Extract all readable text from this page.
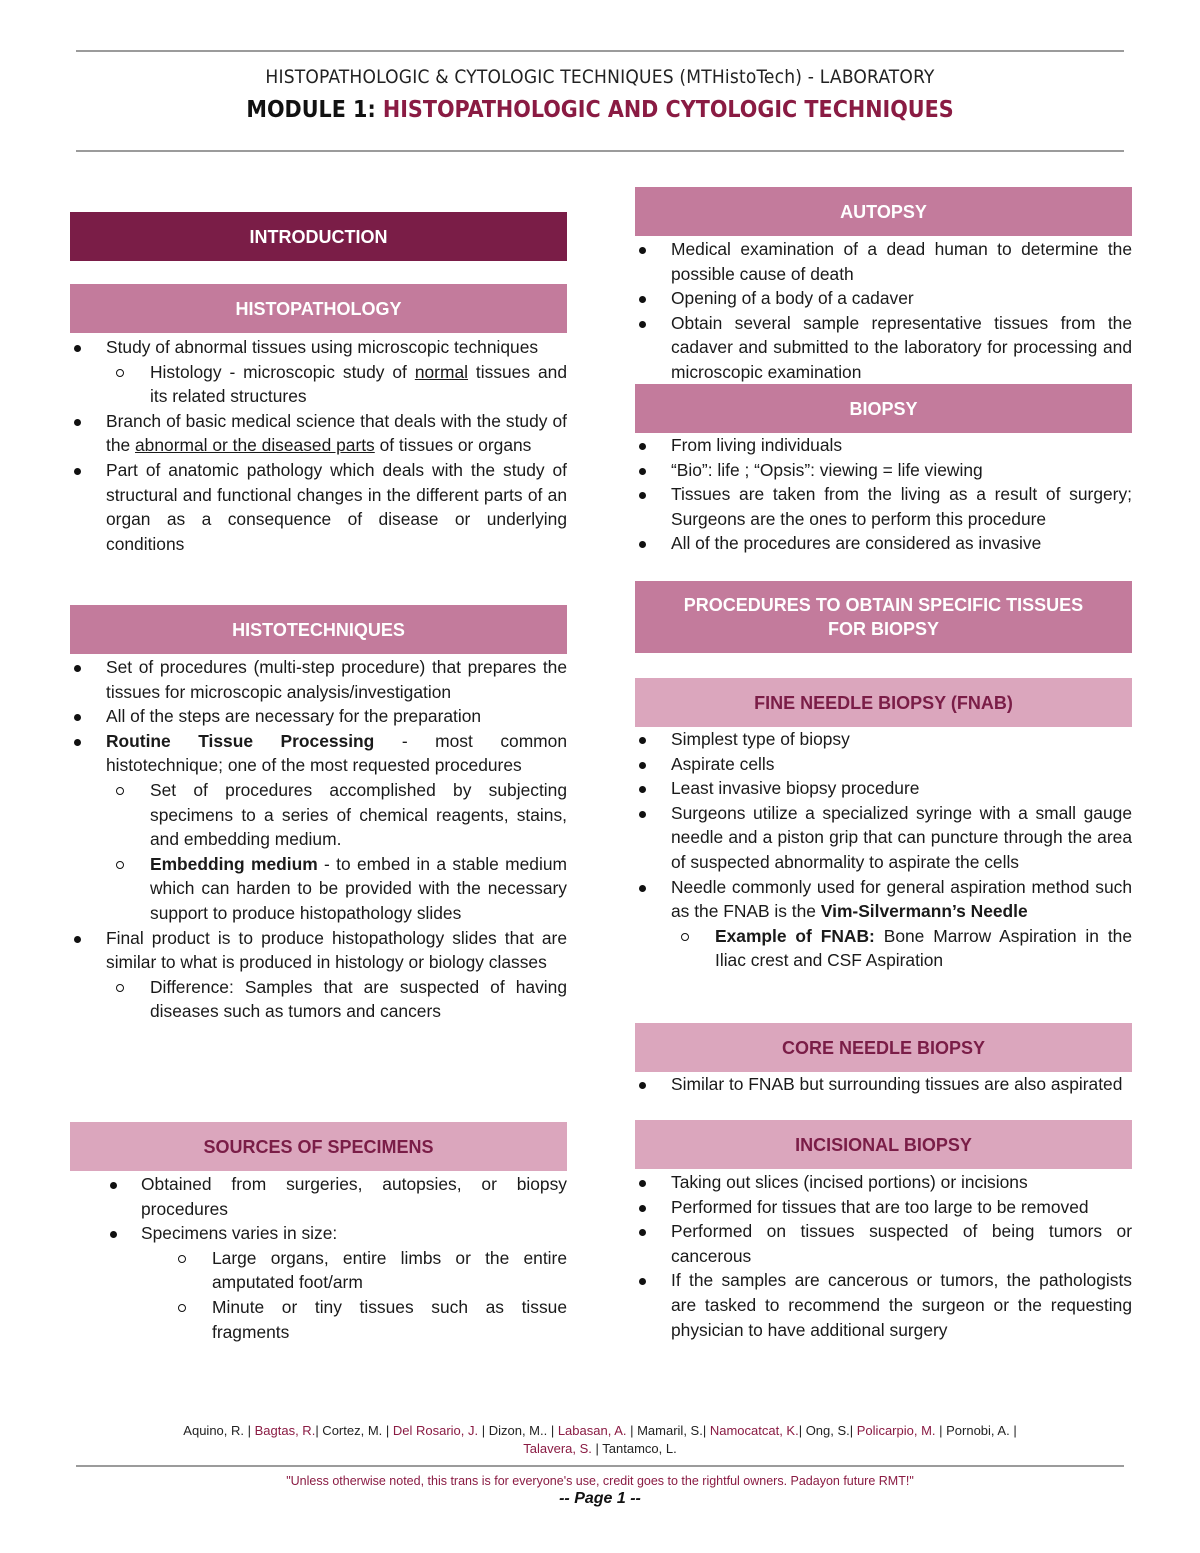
HISTOPATHOLOGIC & CYTOLOGIC TECHNIQUES (MTHistoTech) - LABORATORY
MODULE 1: HISTOPATHOLOGIC AND CYTOLOGIC TECHNIQUES
INTRODUCTION
HISTOPATHOLOGY
Study of abnormal tissues using microscopic techniques
Histology - microscopic study of normal tissues and its related structures
Branch of basic medical science that deals with the study of the abnormal or the diseased parts of tissues or organs
Part of anatomic pathology which deals with the study of structural and functional changes in the different parts of an organ as a consequence of disease or underlying conditions
HISTOTECHNIQUES
Set of procedures (multi-step procedure) that prepares the tissues for microscopic analysis/investigation
All of the steps are necessary for the preparation
Routine Tissue Processing - most common histotechnique; one of the most requested procedures
Set of procedures accomplished by subjecting specimens to a series of chemical reagents, stains, and embedding medium.
Embedding medium - to embed in a stable medium which can harden to be provided with the necessary support to produce histopathology slides
Final product is to produce histopathology slides that are similar to what is produced in histology or biology classes
Difference: Samples that are suspected of having diseases such as tumors and cancers
SOURCES OF SPECIMENS
Obtained from surgeries, autopsies, or biopsy procedures
Specimens varies in size:
Large organs, entire limbs or the entire amputated foot/arm
Minute or tiny tissues such as tissue fragments
AUTOPSY
Medical examination of a dead human to determine the possible cause of death
Opening of a body of a cadaver
Obtain several sample representative tissues from the cadaver and submitted to the laboratory for processing and microscopic examination
BIOPSY
From living individuals
“Bio”: life ; “Opsis”: viewing = life viewing
Tissues are taken from the living as a result of surgery; Surgeons are the ones to perform this procedure
All of the procedures are considered as invasive
PROCEDURES TO OBTAIN SPECIFIC TISSUES
FOR BIOPSY
FINE NEEDLE BIOPSY (FNAB)
Simplest type of biopsy
Aspirate cells
Least invasive biopsy procedure
Surgeons utilize a specialized syringe with a small gauge needle and a piston grip that can puncture through the area of suspected abnormality to aspirate the cells
Needle commonly used for general aspiration method such as the FNAB is the Vim-Silvermann’s Needle
Example of FNAB: Bone Marrow Aspiration in the Iliac crest and CSF Aspiration
CORE NEEDLE BIOPSY
Similar to FNAB but surrounding tissues are also aspirated
INCISIONAL BIOPSY
Taking out slices (incised portions) or incisions
Performed for tissues that are too large to be removed
Performed on tissues suspected of being tumors or cancerous
If the samples are cancerous or tumors, the pathologists are tasked to recommend the surgeon or the requesting physician to have additional surgery
Aquino, R. | Bagtas, R.| Cortez, M. | Del Rosario, J. | Dizon, M.. | Labasan, A. | Mamaril, S.| Namocatcat, K.| Ong, S.| Policarpio, M. | Pornobi, A. |
Talavera, S. | Tantamco, L.
"Unless otherwise noted, this trans is for everyone's use, credit goes to the rightful owners. Padayon future RMT!"
-- Page 1 --
